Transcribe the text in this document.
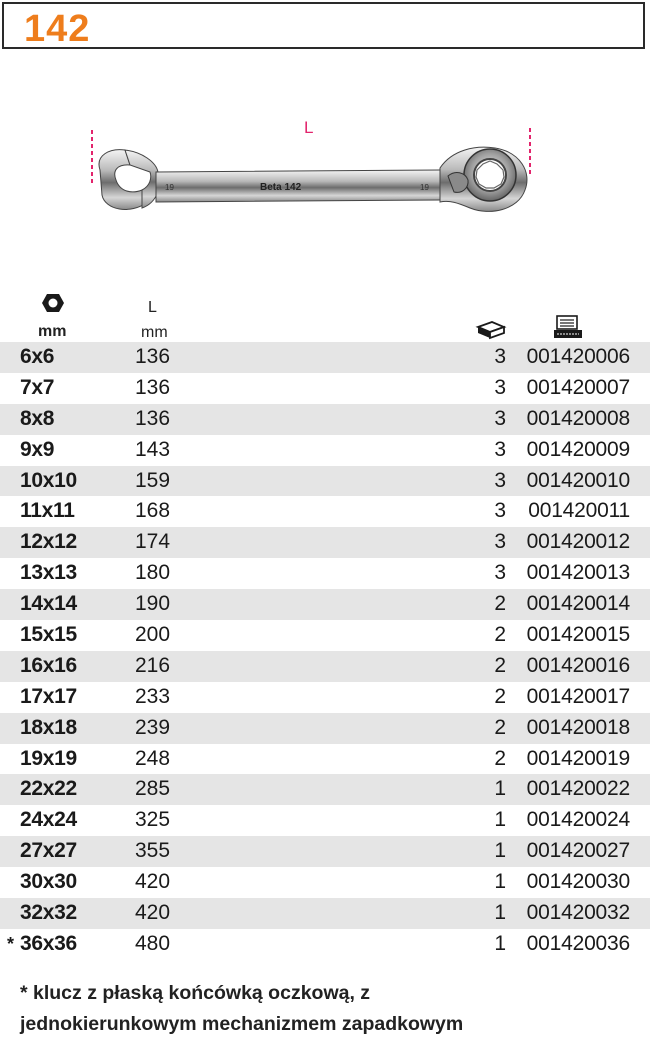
142
19	Beta 142	19
L
mm
L
mm
6x6	136	3 001420006
7x7	136	3 001420007
8x8	136	3 001420008
9x9	143	3 001420009
10x10	159	3 001420010
11x11	168	3	001420011
12x12	174	3 001420012
13x13	180	3 001420013
14x14	190	2 001420014
15x15	200	2 001420015
16x16	216	2 001420016
17x17	233	2 001420017
18x18	239	2 001420018
19x19	248	2 001420019
22x22	285	1 001420022
24x24	325	1 001420024
27x27	355	1 001420027
30x30	420	1 001420030
32x32	420	1 001420032
* 36x36	480	1 001420036
* klucz z płaską końcówką oczkową, z
jednokierunkowym mechanizmem zapadkowym
